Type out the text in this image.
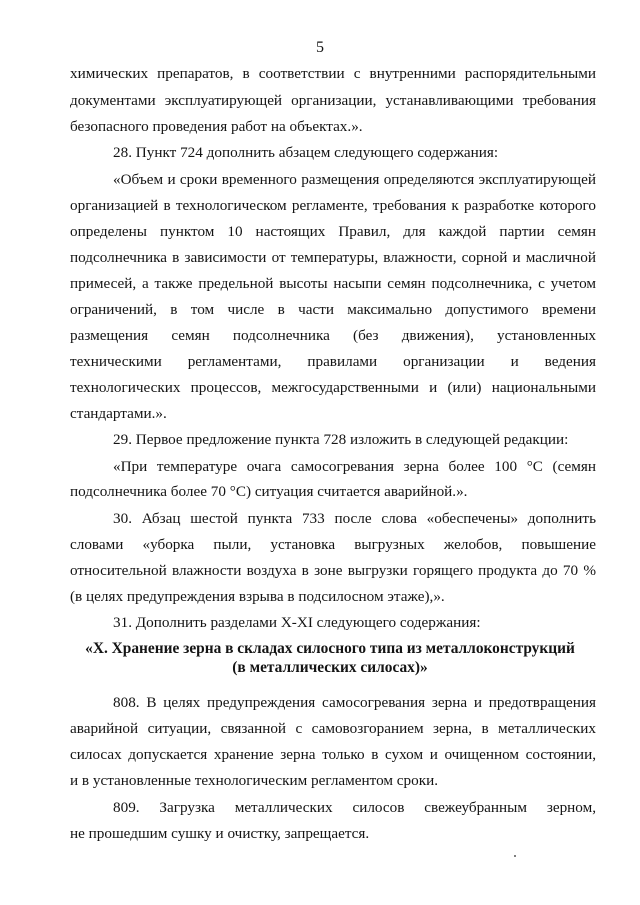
5

химических препаратов, в соответствии с внутренними распорядительными

документами эксплуатирующей организации, устанавливающими требования

безопасного проведения работ на объектах.».

28. Пункт 724 дополнить абзацем следующего содержания:

«Объем и сроки временного размещения определяются эксплуатирующей

организацией в технологическом регламенте, требования к разработке которого

определены пунктом 10 настоящих Правил, для каждой партии семян

подсолнечника в зависимости от температуры, влажности, сорной и масличной

примесей, а также предельной высоты насыпи семян подсолнечника, с учетом

ограничений, в том числе в части максимально допустимого времени

размещения семян подсолнечника (без движения), установленных

техническими регламентами, правилами организации и ведения

технологических процессов, межгосударственными и (или) национальными

стандартами.».

29. Первое предложение пункта 728 изложить в следующей редакции:

«При температуре очага самосогревания зерна более 100 °С (семян

подсолнечника более 70 °С) ситуация считается аварийной.».

30. Абзац шестой пункта 733 после слова «обеспечены» дополнить

словами «уборка пыли, установка выгрузных желобов, повышение

относительной влажности воздуха в зоне выгрузки горящего продукта до 70 %

(в целях предупреждения взрыва в подсилосном этаже),».

31. Дополнить разделами X-XI следующего содержания:

«X. Хранение зерна в складах силосного типа из металлоконструкций

(в металлических силосах)»

808. В целях предупреждения самосогревания зерна и предотвращения

аварийной ситуации, связанной с самовозгоранием зерна, в металлических

силосах допускается хранение зерна только в сухом и очищенном состоянии,

и в установленные технологическим регламентом сроки.

809. Загрузка металлических силосов свежеубранным зерном,

не прошедшим сушку и очистку, запрещается.
